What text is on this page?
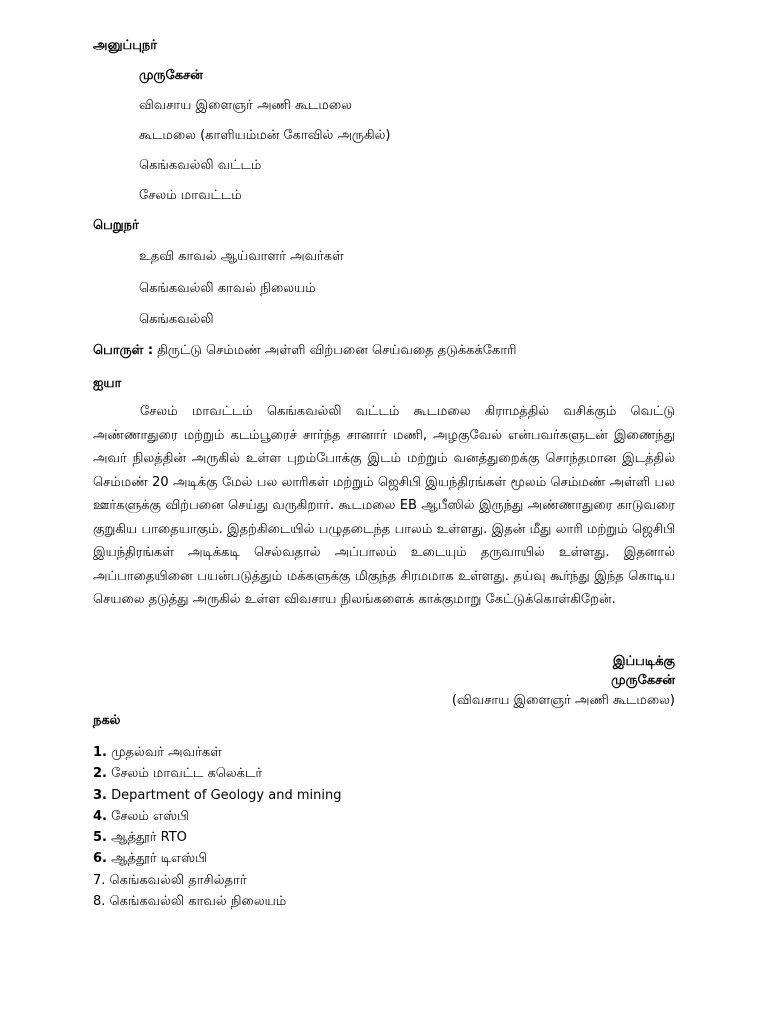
அனுப்புநர்
முருகேசன்
விவசாய இளைஞர் அணி கூடமலை
கூடமலை (காளியம்மன் கோவில் அருகில்)
கெங்கவல்லி வட்டம்
சேலம் மாவட்டம்
பெறுநர்
உதவி காவல் ஆய்வாளர் அவர்கள்
கெங்கவல்லி காவல் நிலையம்
கெங்கவல்லி
பொருள் : திருட்டு செம்மண் அள்ளி விற்பனை செய்வதை தடுக்கக்கோரி
ஐயா
சேலம் மாவட்டம் கெங்கவல்லி வட்டம் கூடமலை கிராமத்தில் வசிக்கும் வெட்டு அண்ணாதுரை மற்றும் கடம்பூரைச் சார்ந்த சானார் மணி, அழகுவேல் என்பவர்களுடன் இணைந்து அவர் நிலத்தின் அருகில் உள்ள புறம்போக்கு இடம் மற்றும் வனத்துறைக்கு சொந்தமான இடத்தில் செம்மண் 20 அடிக்கு மேல் பல லாரிகள் மற்றும் ஜெசிபி இயந்திரங்கள் மூலம் செம்மண் அள்ளி பல ஊர்களுக்கு விற்பனை செய்து வருகிறார். கூடமலை EB ஆபீஸில் இருந்து அண்ணாதுரை காடுவரை குறுகிய பாதையாகும். இதற்கிடையில் பழுதடைந்த பாலம் உள்ளது. இதன் மீது லாரி மற்றும் ஜெசிபி இயந்திரங்கள் அடிக்கடி செல்வதால் அப்பாலம் உடையும் தருவாயில் உள்ளது. இதனால் அப்பாதையினை பயன்படுத்தும் மக்களுக்கு மிகுந்த சிரமமாக உள்ளது. தய்வு கூர்ந்து இந்த கொடிய செயலை தடுத்து அருகில் உள்ள விவசாய நிலங்களைக் காக்குமாறு கேட்டுக்கொள்கிறேன்.
இப்படிக்கு
முருகேசன்
(விவசாய இளைஞர் அணி கூடமலை)
நகல்
1. முதல்வர் அவர்கள்
2. சேலம் மாவட்ட கலெக்டர்
3. Department of Geology and mining
4. சேலம் எஸ்பி
5. ஆத்தூர் RTO
6. ஆத்தூர் டிஎஸ்பி
7. கெங்கவல்லி தாசில்தார்
8. கெங்கவல்லி காவல் நிலையம்
